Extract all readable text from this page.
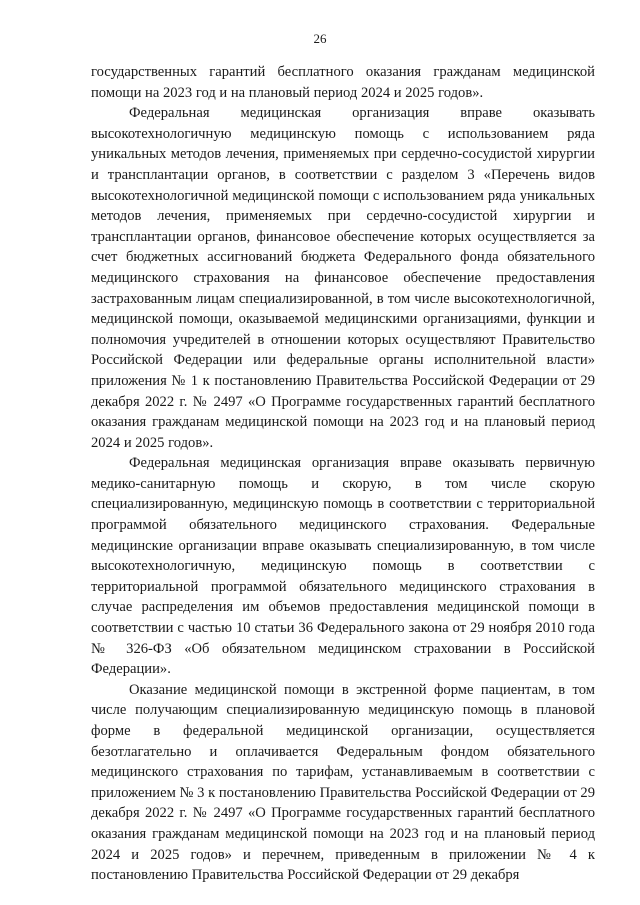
26

государственных гарантий бесплатного оказания гражданам медицинской помощи на 2023 год и на плановый период 2024 и 2025 годов».

Федеральная медицинская организация вправе оказывать высокотехнологичную медицинскую помощь с использованием ряда уникальных методов лечения, применяемых при сердечно-сосудистой хирургии и трансплантации органов, в соответствии с разделом 3 «Перечень видов высокотехнологичной медицинской помощи с использованием ряда уникальных методов лечения, применяемых при сердечно-сосудистой хирургии и трансплантации органов, финансовое обеспечение которых осуществляется за счет бюджетных ассигнований бюджета Федерального фонда обязательного медицинского страхования на финансовое обеспечение предоставления застрахованным лицам специализированной, в том числе высокотехнологичной, медицинской помощи, оказываемой медицинскими организациями, функции и полномочия учредителей в отношении которых осуществляют Правительство Российской Федерации или федеральные органы исполнительной власти» приложения № 1 к постановлению Правительства Российской Федерации от 29 декабря 2022 г. № 2497 «О Программе государственных гарантий бесплатного оказания гражданам медицинской помощи на 2023 год и на плановый период 2024 и 2025 годов».

Федеральная медицинская организация вправе оказывать первичную медико-санитарную помощь и скорую, в том числе скорую специализированную, медицинскую помощь в соответствии с территориальной программой обязательного медицинского страхования. Федеральные медицинские организации вправе оказывать специализированную, в том числе высокотехнологичную, медицинскую помощь в соответствии с территориальной программой обязательного медицинского страхования в случае распределения им объемов предоставления медицинской помощи в соответствии с частью 10 статьи 36 Федерального закона от 29 ноября 2010 года № 326-ФЗ «Об обязательном медицинском страховании в Российской Федерации».

Оказание медицинской помощи в экстренной форме пациентам, в том числе получающим специализированную медицинскую помощь в плановой форме в федеральной медицинской организации, осуществляется безотлагательно и оплачивается Федеральным фондом обязательного медицинского страхования по тарифам, устанавливаемым в соответствии с приложением № 3 к постановлению Правительства Российской Федерации от 29 декабря 2022 г. № 2497 «О Программе государственных гарантий бесплатного оказания гражданам медицинской помощи на 2023 год и на плановый период 2024 и 2025 годов» и перечнем, приведенным в приложении № 4 к постановлению Правительства Российской Федерации от 29 декабря
